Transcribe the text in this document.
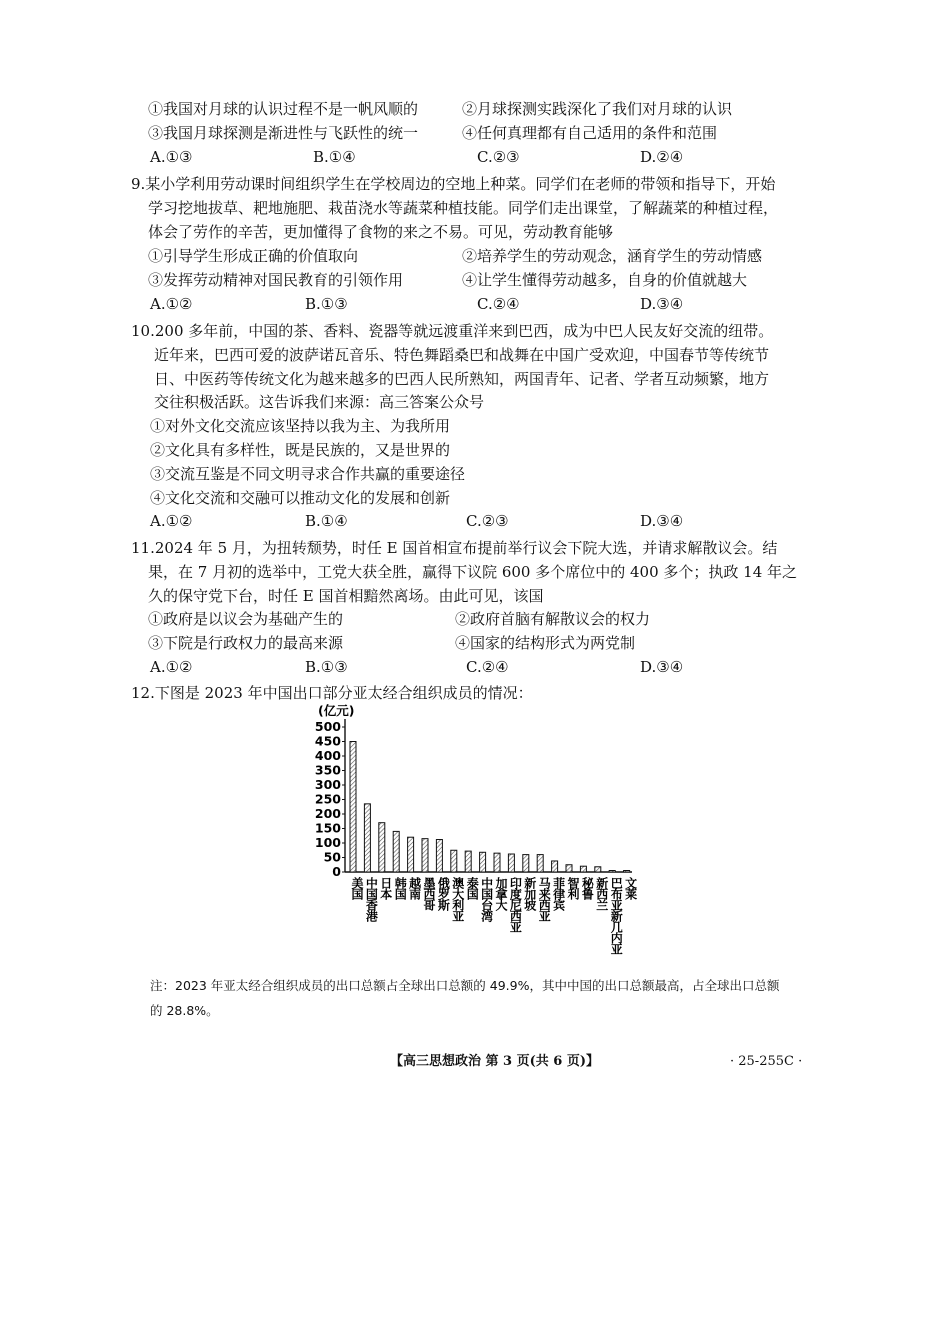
①我国对月球的认识过程不是一帆风顺的	②月球探测实践深化了我们对月球的认识
③我国月球探测是渐进性与飞跃性的统一	④任何真理都有自己适用的条件和范围
A.①③	B.①④	C.②③	D.②④
9.某小学利用劳动课时间组织学生在学校周边的空地上种菜。同学们在老师的带领和指导下，开始
学习挖地拔草、耙地施肥、栽苗浇水等蔬菜种植技能。同学们走出课堂，了解蔬菜的种植过程，
体会了劳作的辛苦，更加懂得了食物的来之不易。可见，劳动教育能够
①引导学生形成正确的价值取向	②培养学生的劳动观念，涵育学生的劳动情感
③发挥劳动精神对国民教育的引领作用	④让学生懂得劳动越多，自身的价值就越大
A.①②	B.①③	C.②④	D.③④
10.200 多年前，中国的茶、香料、瓷器等就远渡重洋来到巴西，成为中巴人民友好交流的纽带。
近年来，巴西可爱的波萨诺瓦音乐、特色舞蹈桑巴和战舞在中国广受欢迎，中国春节等传统节
日、中医药等传统文化为越来越多的巴西人民所熟知，两国青年、记者、学者互动频繁，地方
交往积极活跃。这告诉我们来源：高三答案公众号
①对外文化交流应该坚持以我为主、为我所用
②文化具有多样性，既是民族的，又是世界的
③交流互鉴是不同文明寻求合作共赢的重要途径
④文化交流和交融可以推动文化的发展和创新
A.①②	B.①④	C.②③	D.③④
11.2024 年 5 月，为扭转颓势，时任 E 国首相宣布提前举行议会下院大选，并请求解散议会。结
果，在 7 月初的选举中，工党大获全胜，赢得下议院 600 多个席位中的 400 多个；执政 14 年之
久的保守党下台，时任 E 国首相黯然离场。由此可见，该国
①政府是以议会为基础产生的	②政府首脑有解散议会的权力
③下院是行政权力的最高来源	④国家的结构形式为两党制
A.①②	B.①③	C.②④	D.③④
12.下图是 2023 年中国出口部分亚太经合组织成员的情况：
(亿元)
0
50
100
150
200
250
300
350
400
450
500
美国 中国香港 日本 韩国 越南 墨西哥 俄罗斯 澳大利亚 泰国 中国台湾 加拿大 印度尼西亚 新加坡 马来西亚 菲律宾 智利 秘鲁 新西兰 巴布亚新几内亚 文莱
注：2023 年亚太经合组织成员的出口总额占全球出口总额的 49.9%，其中中国的出口总额最高，占全球出口总额
的 28.8%。
【高三思想政治 第 3 页(共 6 页)】	· 25-255C ·
